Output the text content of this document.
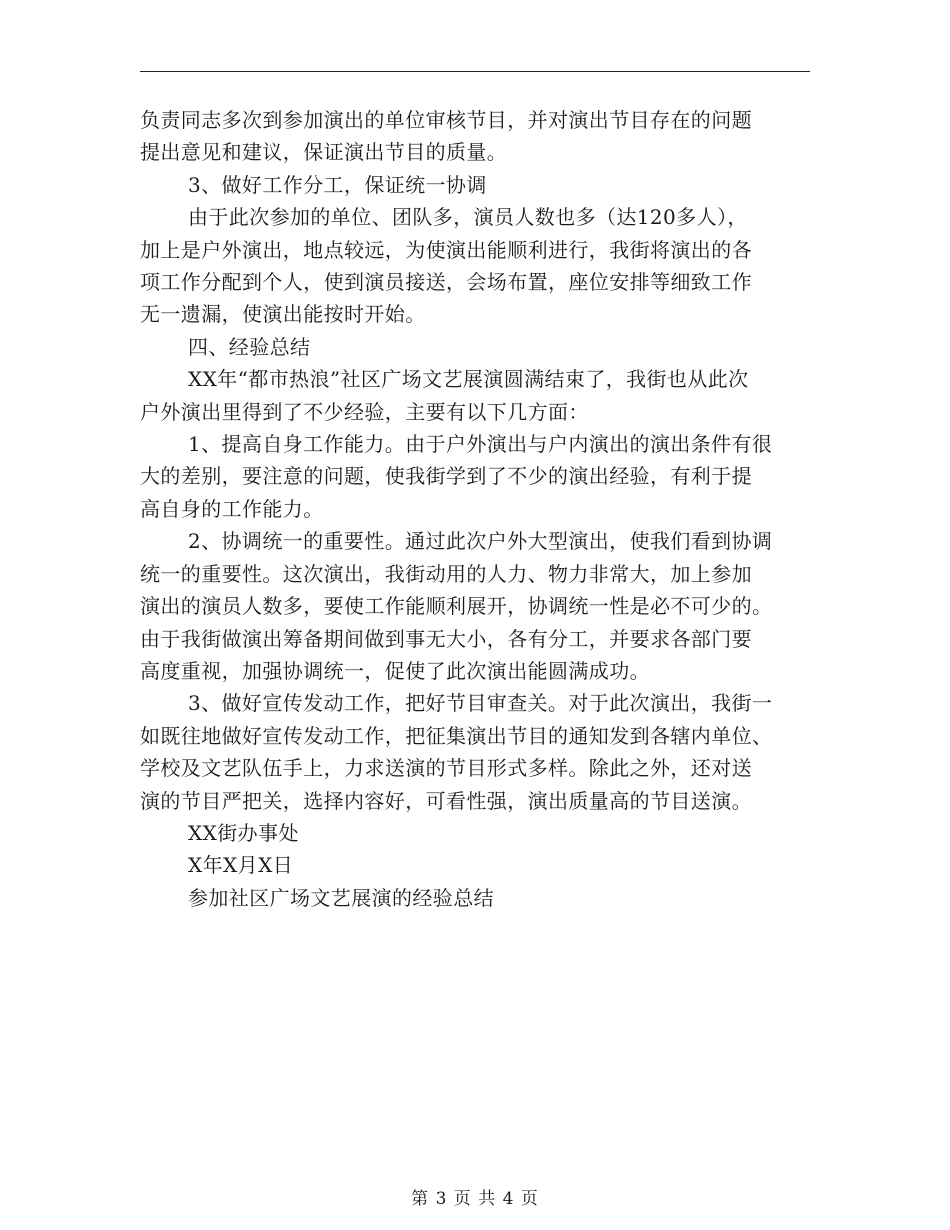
负责同志多次到参加演出的单位审核节目，并对演出节目存在的问题
提出意见和建议，保证演出节目的质量。
3、做好工作分工，保证统一协调
由于此次参加的单位、团队多，演员人数也多（达120多人），
加上是户外演出，地点较远，为使演出能顺利进行，我街将演出的各
项工作分配到个人，使到演员接送，会场布置，座位安排等细致工作
无一遗漏，使演出能按时开始。
四、经验总结
XX年“都市热浪”社区广场文艺展演圆满结束了，我街也从此次
户外演出里得到了不少经验，主要有以下几方面：
1、提高自身工作能力。由于户外演出与户内演出的演出条件有很
大的差别，要注意的问题，使我街学到了不少的演出经验，有利于提
高自身的工作能力。
2、协调统一的重要性。通过此次户外大型演出，使我们看到协调
统一的重要性。这次演出，我街动用的人力、物力非常大，加上参加
演出的演员人数多，要使工作能顺利展开，协调统一性是必不可少的。
由于我街做演出筹备期间做到事无大小，各有分工，并要求各部门要
高度重视，加强协调统一，促使了此次演出能圆满成功。
3、做好宣传发动工作，把好节目审查关。对于此次演出，我街一
如既往地做好宣传发动工作，把征集演出节目的通知发到各辖内单位、
学校及文艺队伍手上，力求送演的节目形式多样。除此之外，还对送
演的节目严把关，选择内容好，可看性强，演出质量高的节目送演。
XX街办事处
X年X月X日
参加社区广场文艺展演的经验总结
第 3 页 共 4 页
